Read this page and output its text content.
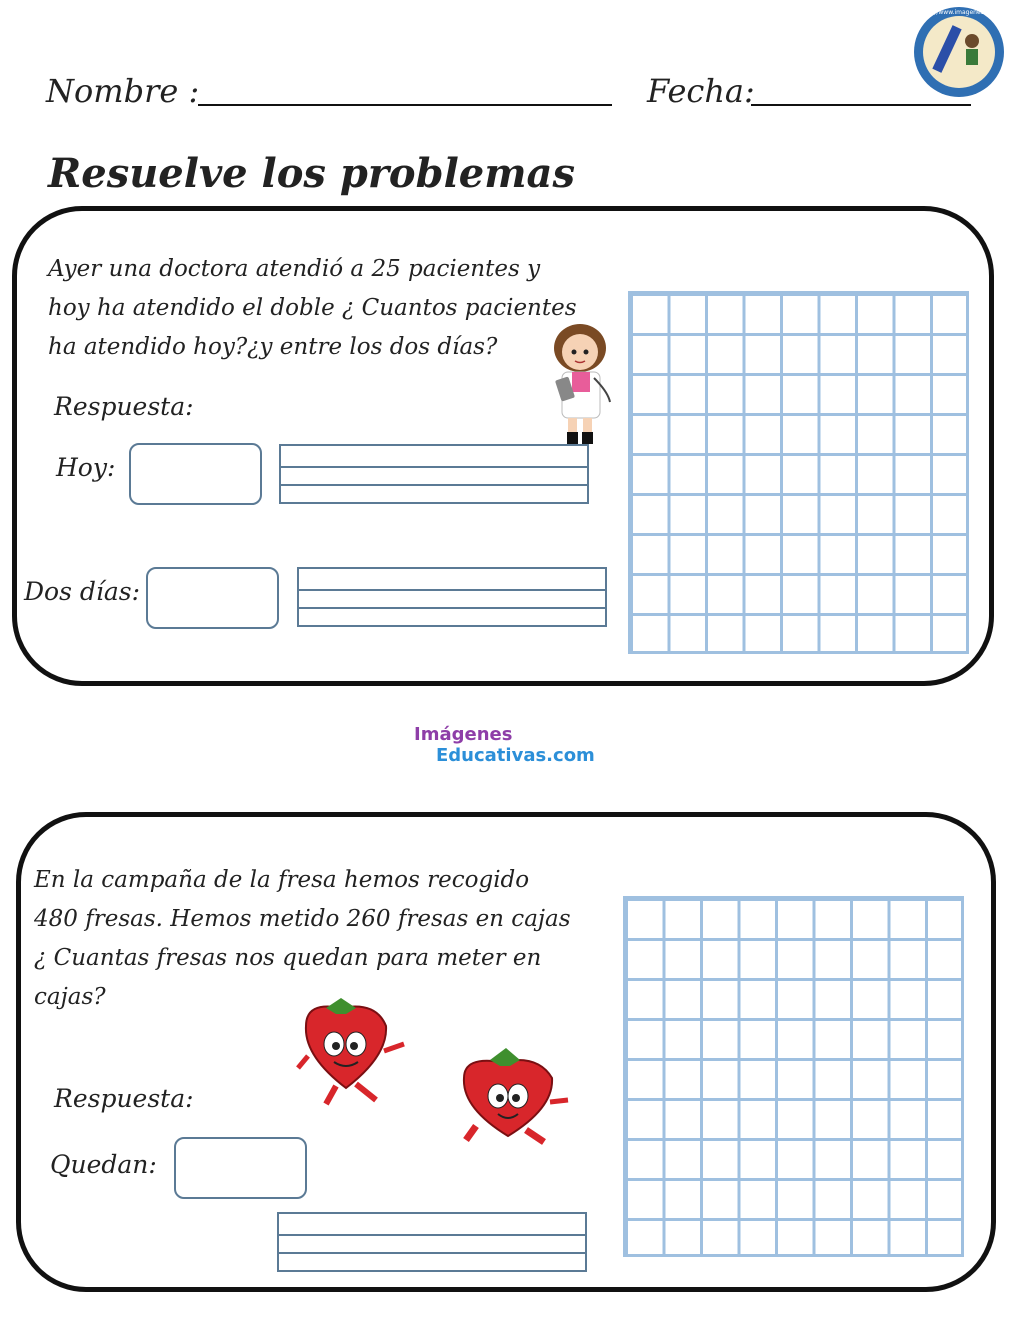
http://www.imageneseducativas.com
Nombre :	Fecha:
Resuelve los problemas
Ayer una doctora atendió a 25 pacientes y
hoy ha atendido el doble ¿ Cuantos pacientes
ha atendido hoy?¿y entre los dos días?
Respuesta:
Hoy:
Dos días:
Imágenes
Educativas.com
En la campaña de la fresa hemos recogido
480 fresas. Hemos metido 260 fresas en cajas
¿ Cuantas fresas nos quedan para meter en
cajas?
Respuesta:
Quedan:
